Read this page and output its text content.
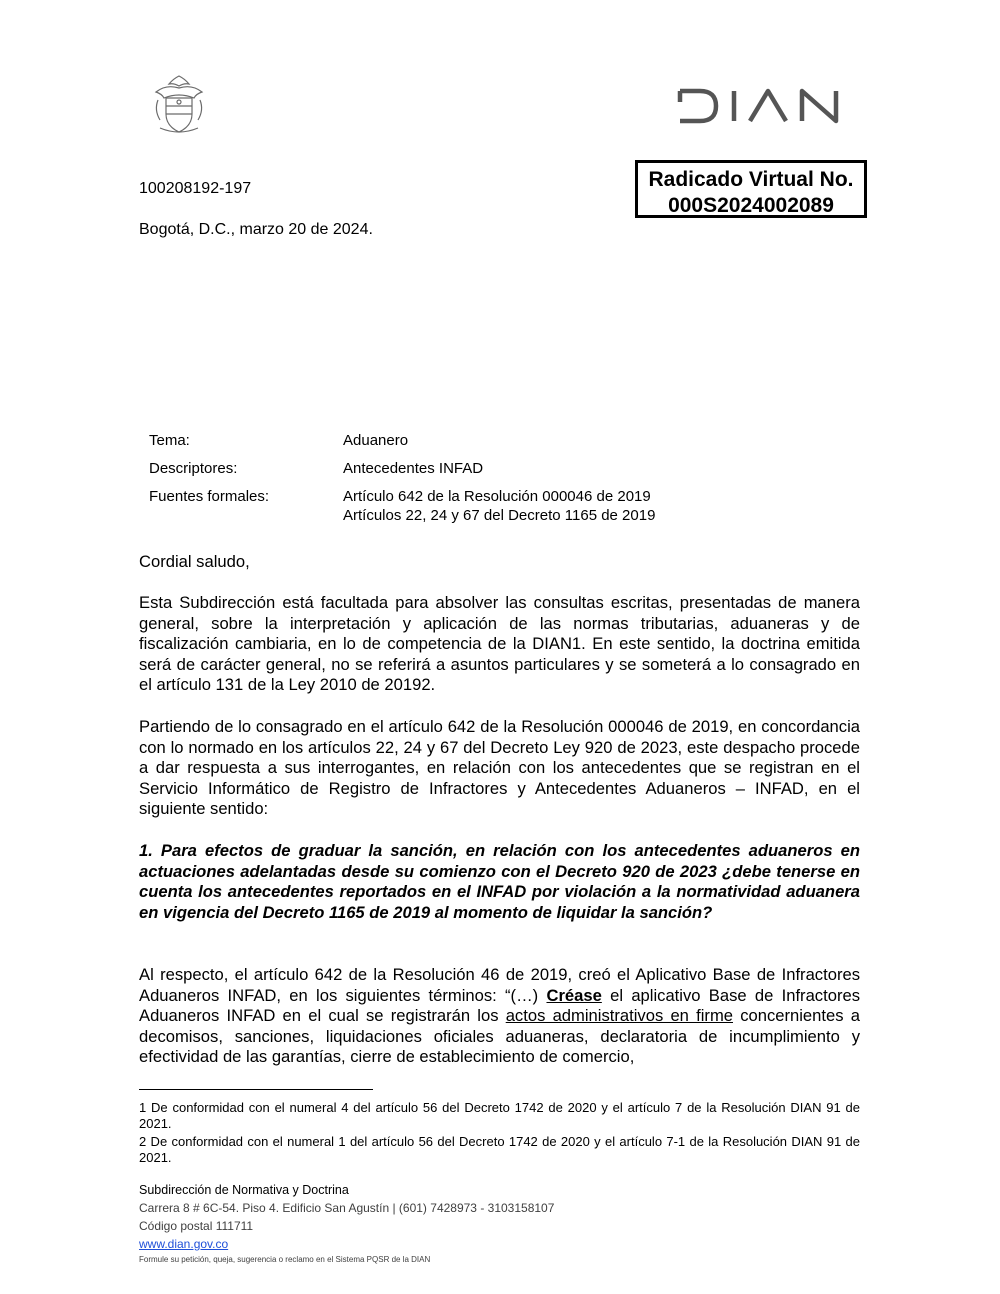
Radicado Virtual No.
000S2024002089
100208192-197
Bogotá, D.C., marzo 20 de 2024.
Tema:	Aduanero
Descriptores:	Antecedentes INFAD
Fuentes formales:	Artículo 642 de la Resolución 000046 de 2019
Artículos 22, 24 y 67 del Decreto 1165 de 2019
Cordial saludo,
Esta Subdirección está facultada para absolver las consultas escritas, presentadas de manera general, sobre la interpretación y aplicación de las normas tributarias, aduaneras y de fiscalización cambiaria, en lo de competencia de la DIAN1. En este sentido, la doctrina emitida será de carácter general, no se referirá a asuntos particulares y se someterá a lo consagrado en el artículo 131 de la Ley 2010 de 20192.
Partiendo de lo consagrado en el artículo 642 de la Resolución 000046 de 2019, en concordancia con lo normado en los artículos 22, 24 y 67 del Decreto Ley 920 de 2023, este despacho procede a dar respuesta a sus interrogantes, en relación con los antecedentes que se registran en el Servicio Informático de Registro de Infractores y Antecedentes Aduaneros – INFAD, en el siguiente sentido:
1. Para efectos de graduar la sanción, en relación con los antecedentes aduaneros en actuaciones adelantadas desde su comienzo con el Decreto 920 de 2023 ¿debe tenerse en cuenta los antecedentes reportados en el INFAD por violación a la normatividad aduanera en vigencia del Decreto 1165 de 2019 al momento de liquidar la sanción?
Al respecto, el artículo 642 de la Resolución 46 de 2019, creó el Aplicativo Base de Infractores Aduaneros INFAD, en los siguientes términos: “(…) Créase el aplicativo Base de Infractores Aduaneros INFAD en el cual se registrarán los actos administrativos en firme concernientes a decomisos, sanciones, liquidaciones oficiales aduaneras, declaratoria de incumplimiento y efectividad de las garantías, cierre de establecimiento de comercio,
1 De conformidad con el numeral 4 del artículo 56 del Decreto 1742 de 2020 y el artículo 7 de la Resolución DIAN 91 de 2021.
2 De conformidad con el numeral 1 del artículo 56 del Decreto 1742 de 2020 y el artículo 7-1 de la Resolución DIAN 91 de 2021.
Subdirección de Normativa y Doctrina
Carrera 8 # 6C-54. Piso 4. Edificio San Agustín | (601) 7428973 - 3103158107
Código postal 111711
www.dian.gov.co
Formule su petición, queja, sugerencia o reclamo en el Sistema PQSR de la DIAN
